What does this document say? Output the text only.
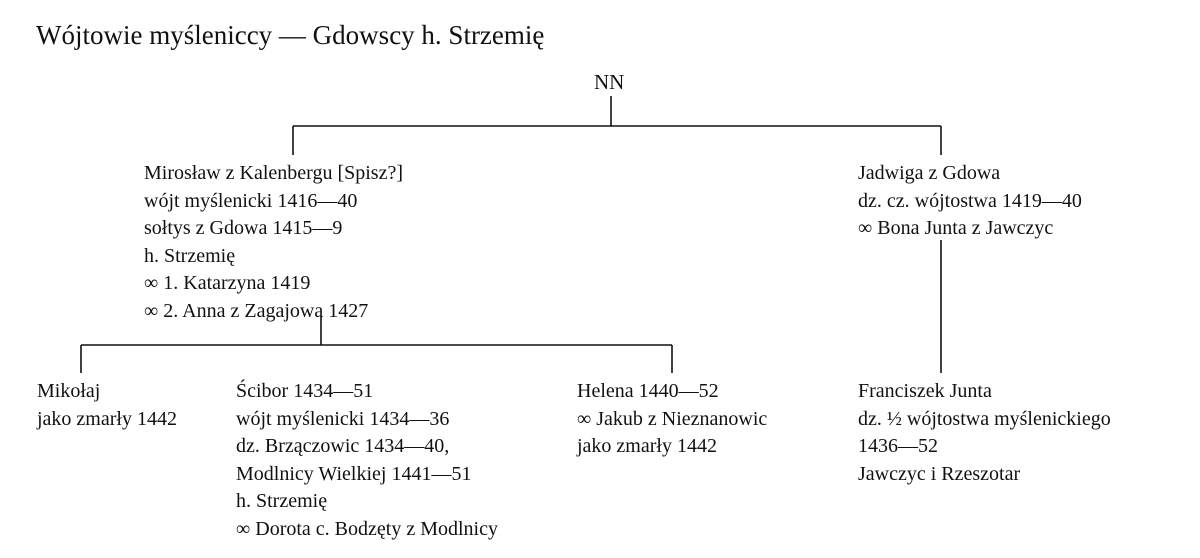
Wójtowie myśleniccy — Gdowscy h. Strzemię
NN
Mirosław z Kalenbergu [Spisz?]
wójt myślenicki 1416—40
sołtys z Gdowa 1415—9
h. Strzemię
∞ 1. Katarzyna 1419
∞ 2. Anna z Zagajowa 1427
Jadwiga z Gdowa
dz. cz. wójtostwa 1419—40
∞ Bona Junta z Jawczyc
Mikołaj
jako zmarły 1442
Ścibor 1434—51
wójt myślenicki 1434—36
dz. Brzączowic 1434—40,
Modlnicy Wielkiej 1441—51
h. Strzemię
∞ Dorota c. Bodzęty z Modlnicy
Helena 1440—52
∞ Jakub z Nieznanowic
jako zmarły 1442
Franciszek Junta
dz. ½ wójtostwa myślenickiego
1436—52
Jawczyc i Rzeszotar
